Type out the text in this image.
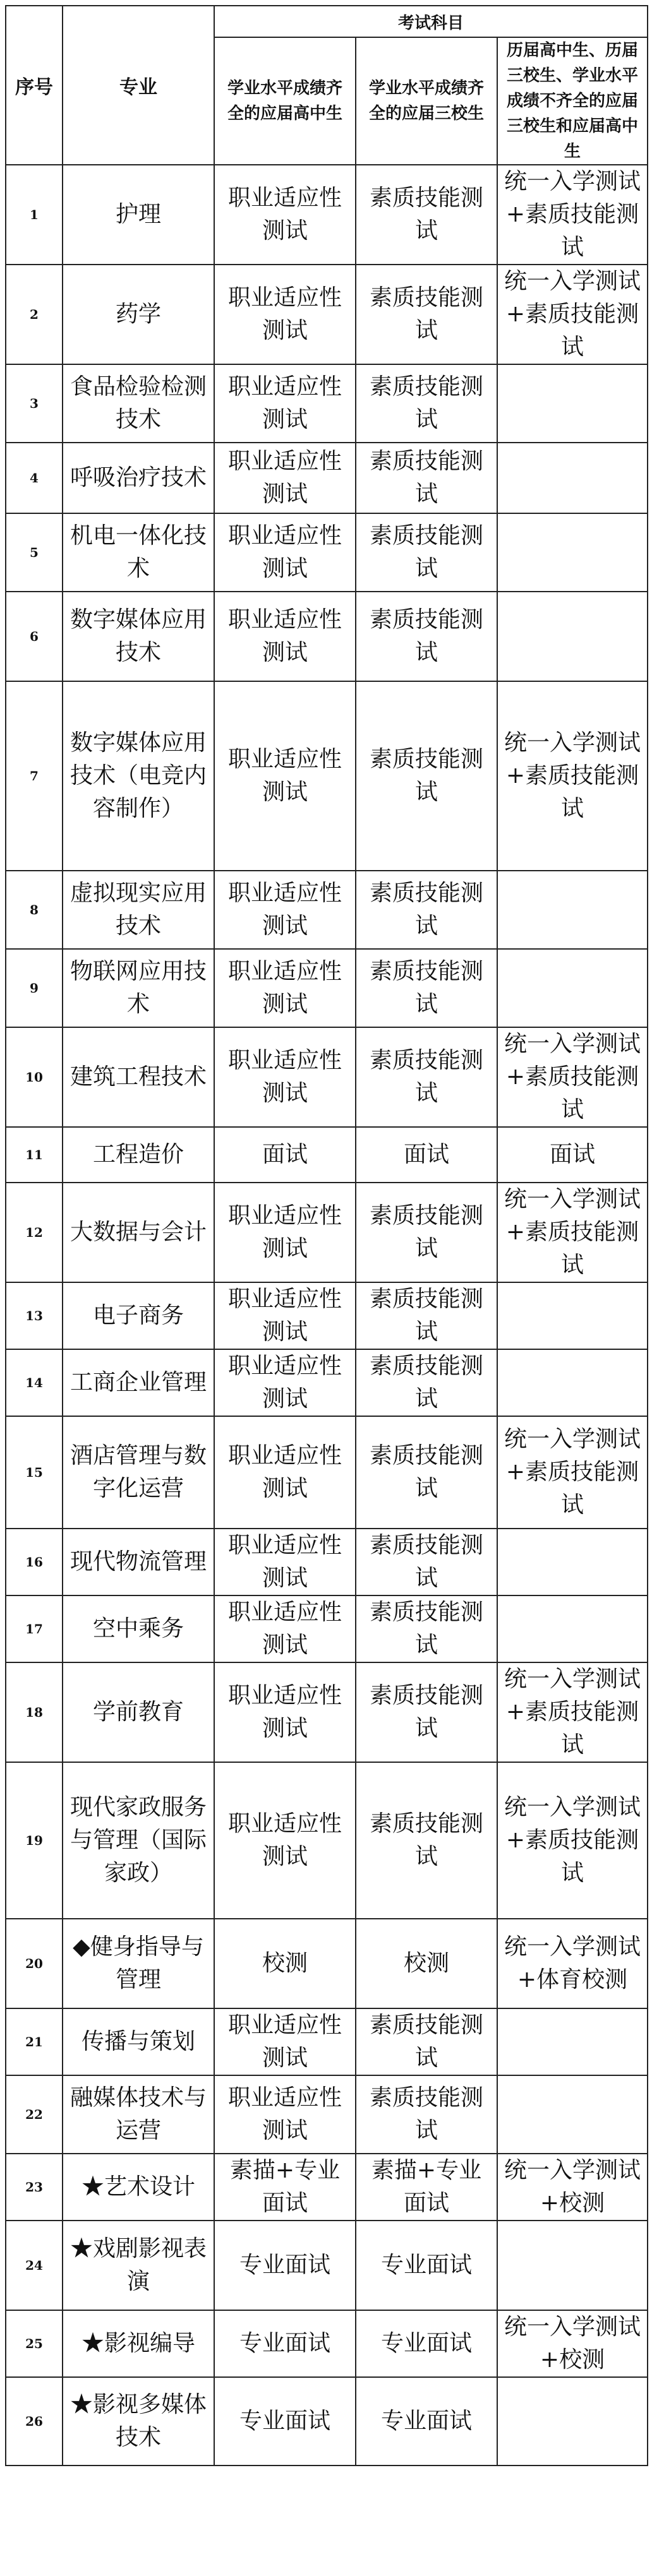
序号	专业	考试科目		
		学业水平成绩齐全的应届高中生	学业水平成绩齐全的应届三校生	历届高中生、历届三校生、学业水平成绩不齐全的应届三校生和应届高中生
1	护理	职业适应性测试	素质技能测试	统一入学测试+素质技能测试
2	药学	职业适应性测试	素质技能测试	统一入学测试+素质技能测试
3	食品检验检测技术	职业适应性测试	素质技能测试	
4	呼吸治疗技术	职业适应性测试	素质技能测试	
5	机电一体化技术	职业适应性测试	素质技能测试	
6	数字媒体应用技术	职业适应性测试	素质技能测试	
7	数字媒体应用技术（电竞内容制作）	职业适应性测试	素质技能测试	统一入学测试+素质技能测试
8	虚拟现实应用技术	职业适应性测试	素质技能测试	
9	物联网应用技术	职业适应性测试	素质技能测试	
10	建筑工程技术	职业适应性测试	素质技能测试	统一入学测试+素质技能测试
11	工程造价	面试	面试	面试
12	大数据与会计	职业适应性测试	素质技能测试	统一入学测试+素质技能测试
13	电子商务	职业适应性测试	素质技能测试	
14	工商企业管理	职业适应性测试	素质技能测试	
15	酒店管理与数字化运营	职业适应性测试	素质技能测试	统一入学测试+素质技能测试
16	现代物流管理	职业适应性测试	素质技能测试	
17	空中乘务	职业适应性测试	素质技能测试	
18	学前教育	职业适应性测试	素质技能测试	统一入学测试+素质技能测试
19	现代家政服务与管理（国际家政）	职业适应性测试	素质技能测试	统一入学测试+素质技能测试
20	◆健身指导与管理	校测	校测	统一入学测试+体育校测
21	传播与策划	职业适应性测试	素质技能测试	
22	融媒体技术与运营	职业适应性测试	素质技能测试	
23	★艺术设计	素描+专业面试	素描+专业面试	统一入学测试+校测
24	★戏剧影视表演	专业面试	专业面试	
25	★影视编导	专业面试	专业面试	统一入学测试+校测
26	★影视多媒体技术	专业面试	专业面试	
